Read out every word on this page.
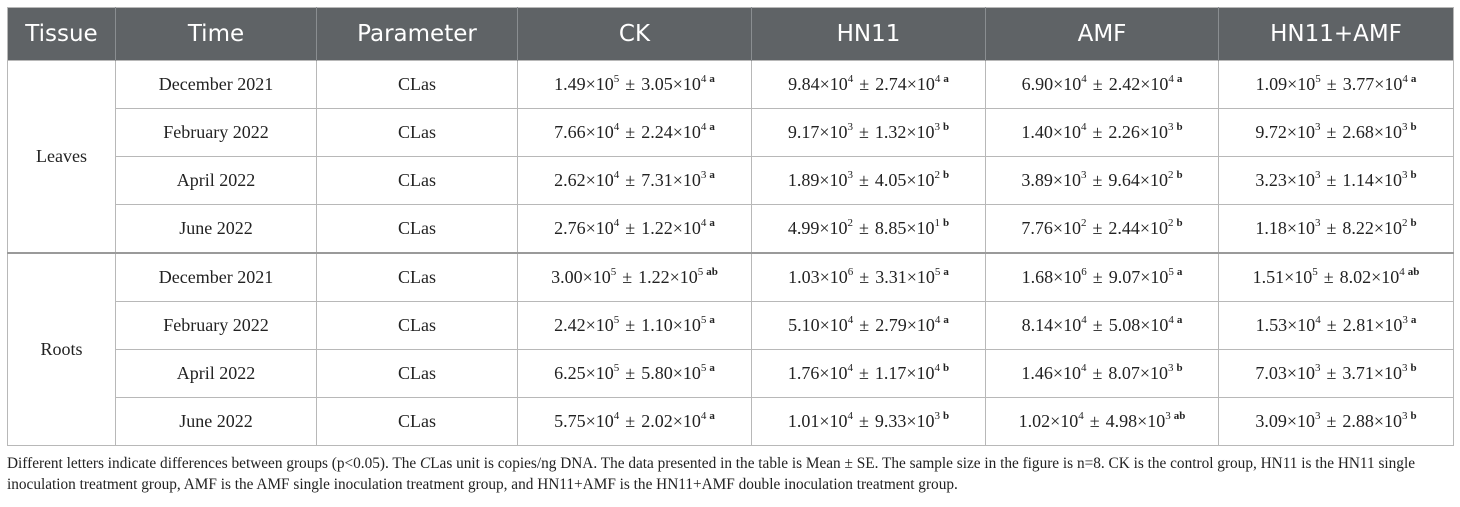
Tissue	Time	Parameter	CK	HN11	AMF	HN11+AMF
Leaves	December 2021	CLas	$1.49\times 10^5 \pm 3.05\times 10^4$ $^a$	$9.84\times 10^4 \pm 2.74\times 10^4$ $^a$	$6.90\times 10^4 \pm 2.42\times 10^4$ $^a$	$1.09\times 10^5 \pm 3.77\times 10^4$ $^a$
	February 2022	CLas	$7.66\times 10^4 \pm 2.24\times 10^4$ $^a$	$9.17\times 10^3 \pm 1.32\times 10^3$ $^b$	$1.40\times 10^4 \pm 2.26\times 10^3$ $^b$	$9.72\times 10^3 \pm 2.68\times 10^3$ $^b$
	April 2022	CLas	$2.62\times 10^4 \pm 7.31\times 10^3$ $^a$	$1.89\times 10^3 \pm 4.05\times 10^2$ $^b$	$3.89\times 10^3 \pm 9.64\times 10^2$ $^b$	$3.23\times 10^3 \pm 1.14\times 10^3$ $^b$
	June 2022	CLas	$2.76\times 10^4 \pm 1.22\times 10^4$ $^a$	$4.99\times 10^2 \pm 8.85\times 10^1$ $^b$	$7.76\times 10^2 \pm 2.44\times 10^2$ $^b$	$1.18\times 10^3 \pm 8.22\times 10^2$ $^b$
Roots	December 2021	CLas	$3.00\times 10^5 \pm 1.22\times 10^5$ $^{ab}$	$1.03\times 10^6 \pm 3.31\times 10^5$ $^a$	$1.68\times 10^6 \pm 9.07\times 10^5$ $^a$	$1.51\times 10^5 \pm 8.02\times 10^4$ $^{ab}$
	February 2022	CLas	$2.42\times 10^5 \pm 1.10\times 10^5$ $^a$	$5.10\times 10^4 \pm 2.79\times 10^4$ $^a$	$8.14\times 10^4 \pm 5.08\times 10^4$ $^a$	$1.53\times 10^4 \pm 2.81\times 10^3$ $^a$
	April 2022	CLas	$6.25\times 10^5 \pm 5.80\times 10^5$ $^a$	$1.76\times 10^4 \pm 1.17\times 10^4$ $^b$	$1.46\times 10^4 \pm 8.07\times 10^3$ $^b$	$7.03\times 10^3 \pm 3.71\times 10^3$ $^b$
	June 2022	CLas	$5.75\times 10^4 \pm 2.02\times 10^4$ $^a$	$1.01\times 10^4 \pm 9.33\times 10^3$ $^b$	$1.02\times 10^4 \pm 4.98\times 10^3$ $^{ab}$	$3.09\times 10^3 \pm 2.88\times 10^3$ $^b$
Different letters indicate differences between groups (p<0.05). The CLas unit is copies/ng DNA. The data presented in the table is Mean ± SE. The sample size in the figure is n=8. CK is the control group, HN11 is the HN11 single inoculation treatment group, AMF is the AMF single inoculation treatment group, and HN11+AMF is the HN11+AMF double inoculation treatment group.
